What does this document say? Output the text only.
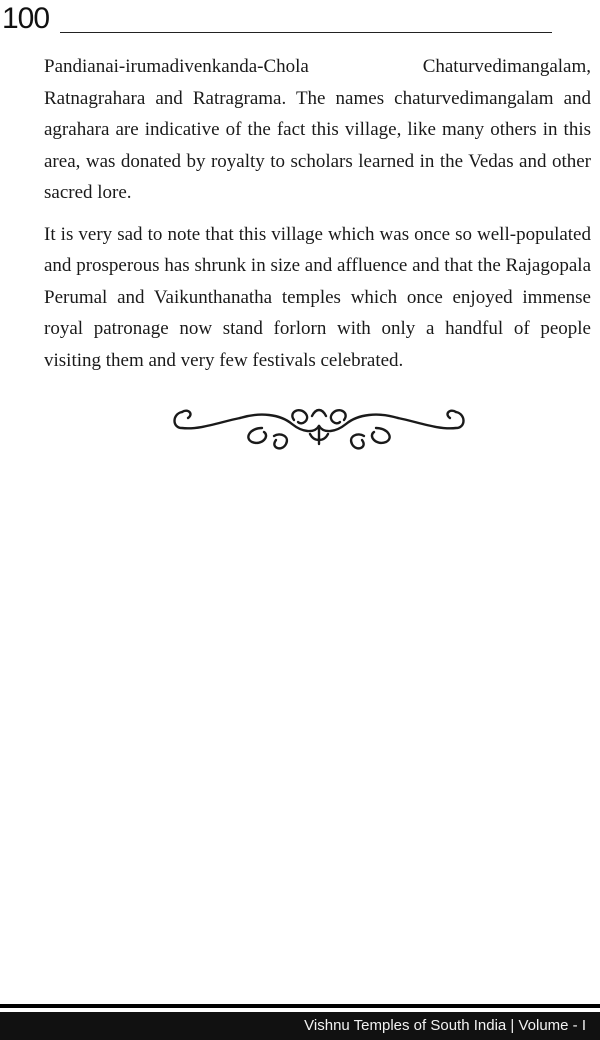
100

Pandianai-irumadivenkanda-Chola	Chaturvedimangalam,
Ratnagrahara and Ratragrama. The names chaturvedimangalam and agrahara are indicative of the fact this village, like many others in this area, was donated by royalty to scholars learned in the Vedas and other sacred lore.

It is very sad to note that this village which was once so well-populated and prosperous has shrunk in size and affluence and that the Rajagopala Perumal and Vaikunthanatha temples which once enjoyed immense royal patronage now stand forlorn with only a handful of people visiting them and very few festivals celebrated.

Vishnu Temples of South India | Volume - I
